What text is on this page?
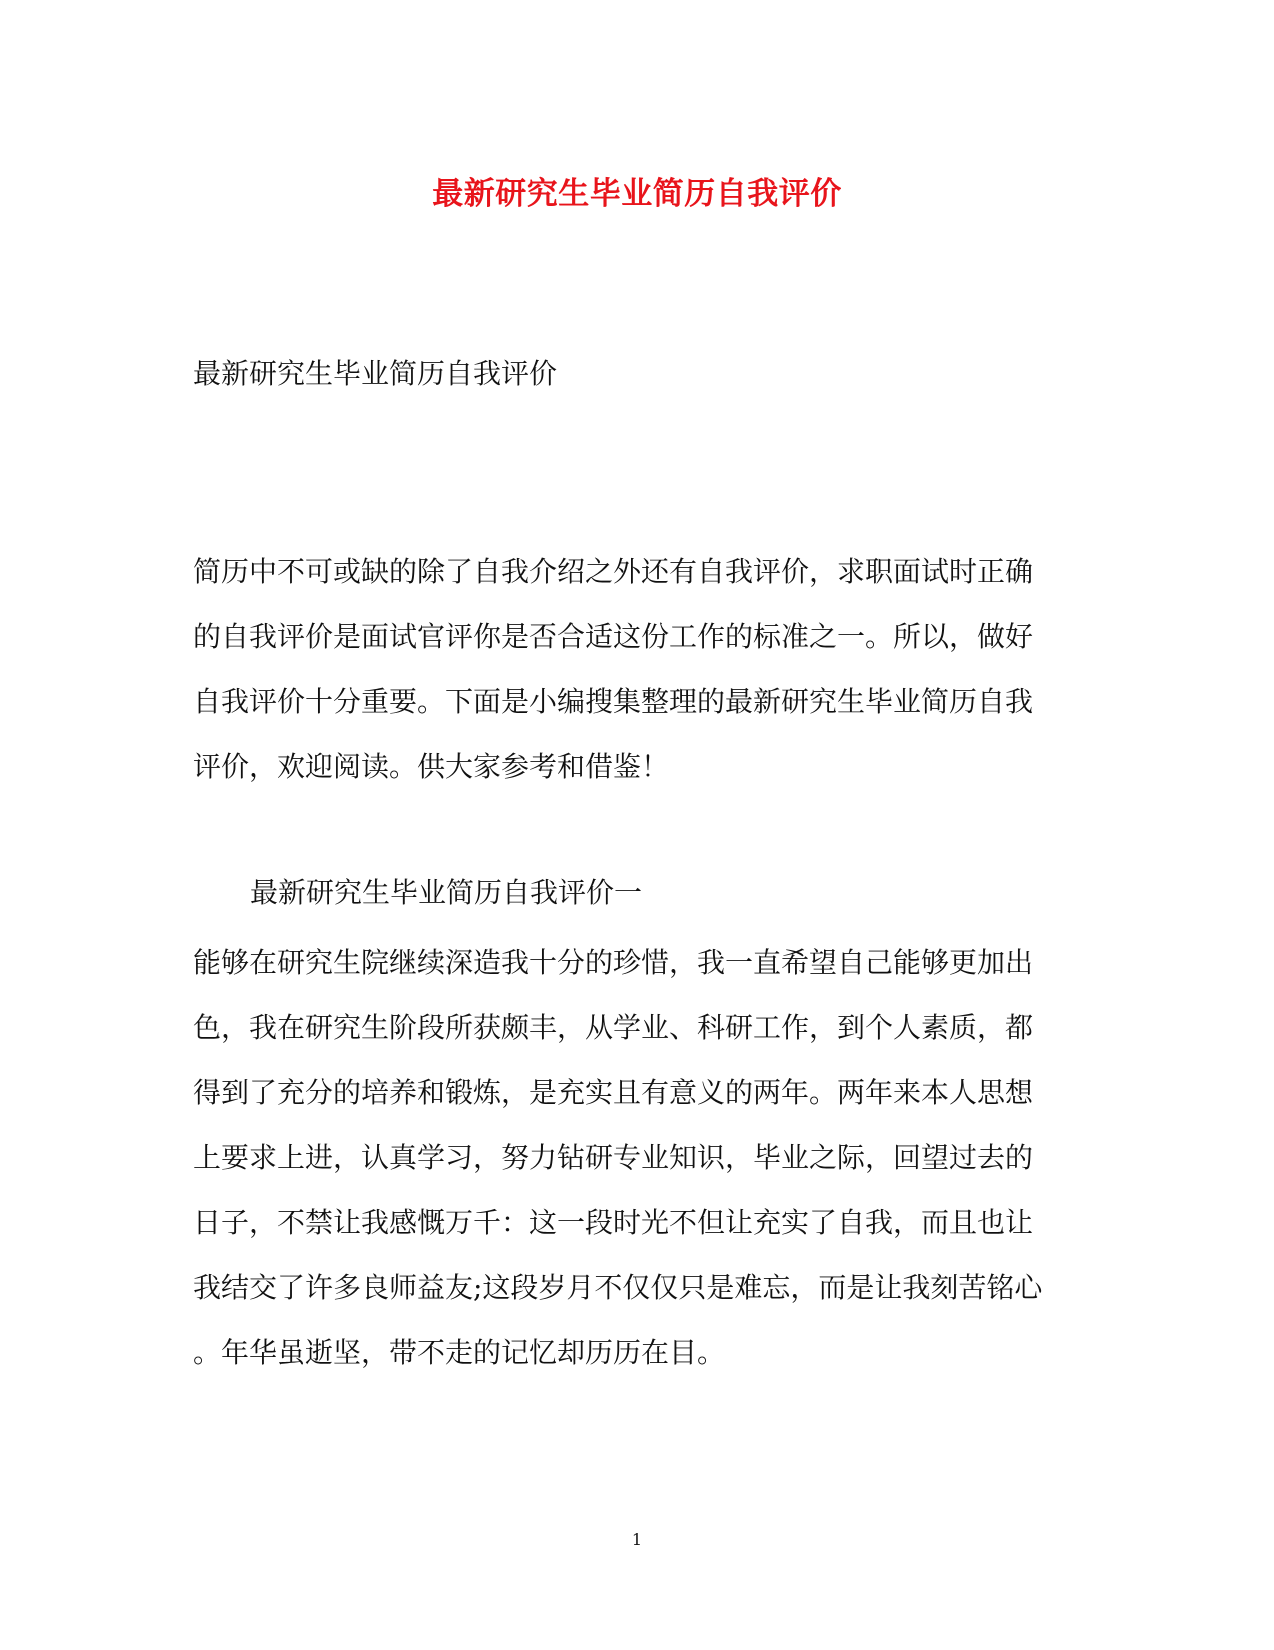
最新研究生毕业简历自我评价

最新研究生毕业简历自我评价

简历中不可或缺的除了自我介绍之外还有自我评价，求职面试时正确
的自我评价是面试官评你是否合适这份工作的标准之一。所以，做好
自我评价十分重要。下面是小编搜集整理的最新研究生毕业简历自我
评价，欢迎阅读。供大家参考和借鉴！

最新研究生毕业简历自我评价一

能够在研究生院继续深造我十分的珍惜，我一直希望自己能够更加出
色，我在研究生阶段所获颇丰，从学业、科研工作，到个人素质，都
得到了充分的培养和锻炼，是充实且有意义的两年。两年来本人思想
上要求上进，认真学习，努力钻研专业知识，毕业之际，回望过去的
日子，不禁让我感慨万千：这一段时光不但让充实了自我，而且也让
我结交了许多良师益友;这段岁月不仅仅只是难忘，而是让我刻苦铭心
。年华虽逝坚，带不走的记忆却历历在目。
1
